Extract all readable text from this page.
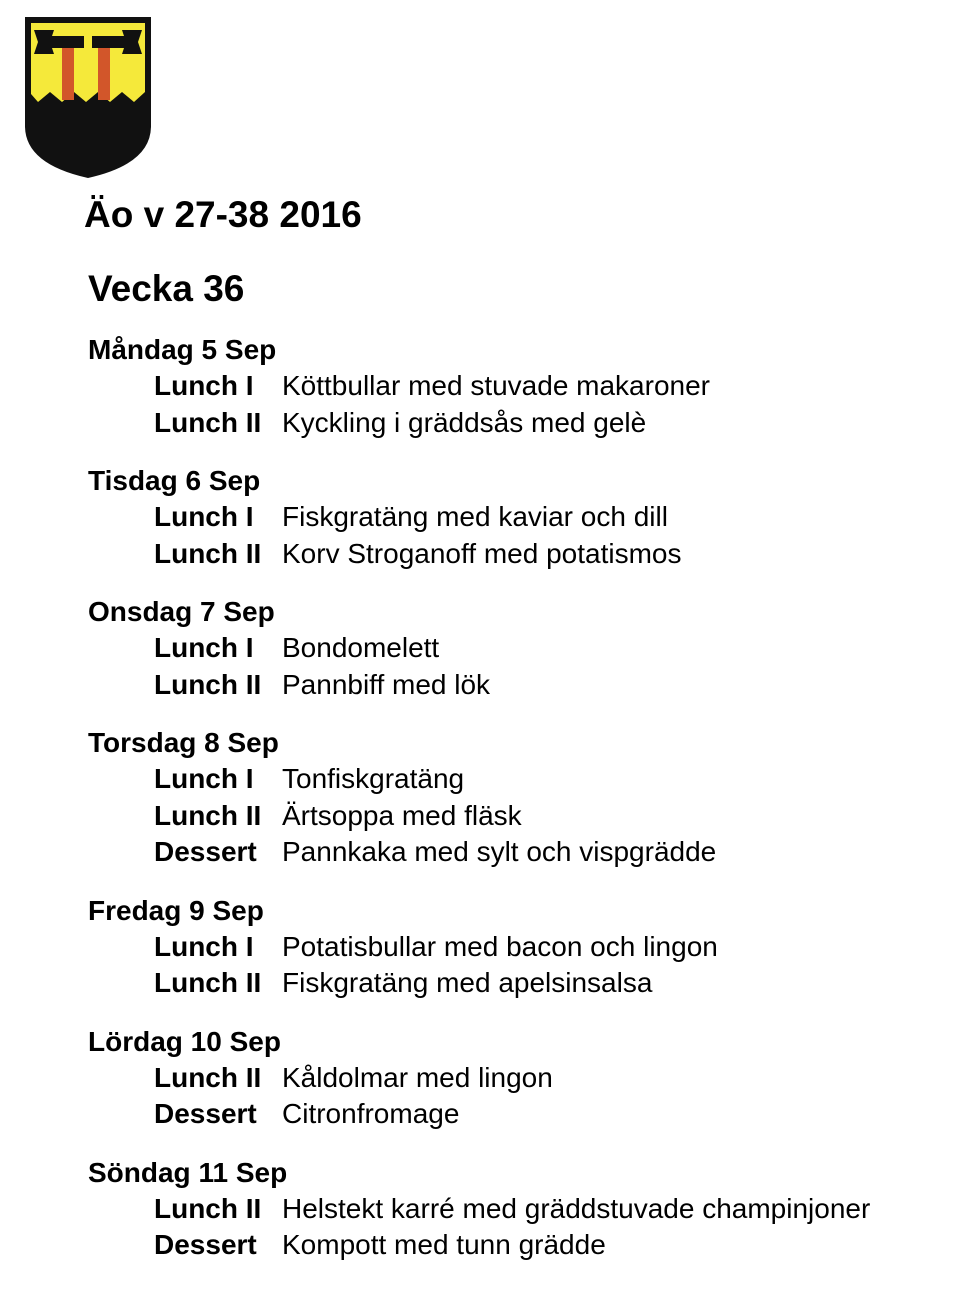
Äo v 27-38 2016
Vecka 36
Måndag 5 Sep
Lunch I	Köttbullar med stuvade makaroner
Lunch II Kyckling i gräddsås med gelè
Tisdag 6 Sep
Lunch I	Fiskgratäng med kaviar och dill
Lunch II Korv Stroganoff med potatismos
Onsdag 7 Sep
Lunch I	Bondomelett
Lunch II Pannbiff med lök
Torsdag 8 Sep
Lunch I	Tonfiskgratäng
Lunch II Ärtsoppa med fläsk
Dessert Pannkaka med sylt och vispgrädde
Fredag 9 Sep
Lunch I	Potatisbullar med bacon och lingon
Lunch II Fiskgratäng med apelsinsalsa
Lördag 10 Sep
Lunch II Kåldolmar med lingon
Dessert Citronfromage
Söndag 11 Sep
Lunch II Helstekt karré med gräddstuvade champinjoner
Dessert Kompott med tunn grädde
